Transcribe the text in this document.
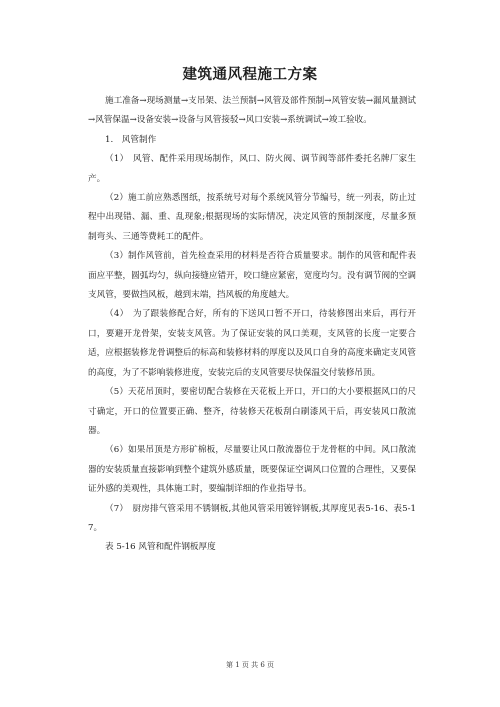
建筑通风程施工方案

施工准备→现场测量→支吊架、法兰预制→风管及部件预制→风管安装→漏风量测试→风管保温→设备安装→设备与风管接驳→风口安装→系统调试→竣工验收。

1.　风管制作

（1）　风管、配件采用现场制作，风口、防火阀、调节阀等部件委托名牌厂家生产。

（2）施工前应熟悉图纸，按系统号对每个系统风管分节编号，统一列表，防止过程中出现错、漏、重、乱现象;根据现场的实际情况，决定风管的预制深度，尽量多预制弯头、三通等费耗工的配件。

（3）制作风管前，首先检查采用的材料是否符合质量要求。制作的风管和配件表面应平整，圆弧均匀，纵向接缝应错开，咬口缝应紧密，宽度均匀。没有调节阀的空调支风管，要做挡风板，越到末端，挡风板的角度越大。

（4）　为了跟装修配合好，所有的下送风口暂不开口，待装修图出来后，再行开口，要避开龙骨架，安装支风管。为了保证安装的风口美观，支风管的长度一定要合适，应根据装修龙骨调整后的标高和装修材料的厚度以及风口自身的高度来确定支风管的高度，为了不影响装修进度，安装完后的支风管要尽快保温交付装修吊顶。

（5）天花吊顶时，要密切配合装修在天花板上开口，开口的大小要根据风口的尺寸确定，开口的位置要正确、整齐，待装修天花板刮白刷漆风干后，再安装风口散流器。

（6）如果吊顶是方形矿棉板，尽量要让风口散流器位于龙骨框的中间。风口散流器的安装质量直接影响到整个建筑外感质量，既要保证空调风口位置的合理性，又要保证外感的美观性，具体施工时，要编制详细的作业指导书。

（7）　厨房排气管采用不锈钢板,其他风管采用镀锌钢板,其厚度见表5-16、表5-17。

表 5-16 风管和配件钢板厚度

第 1 页 共 6 页
